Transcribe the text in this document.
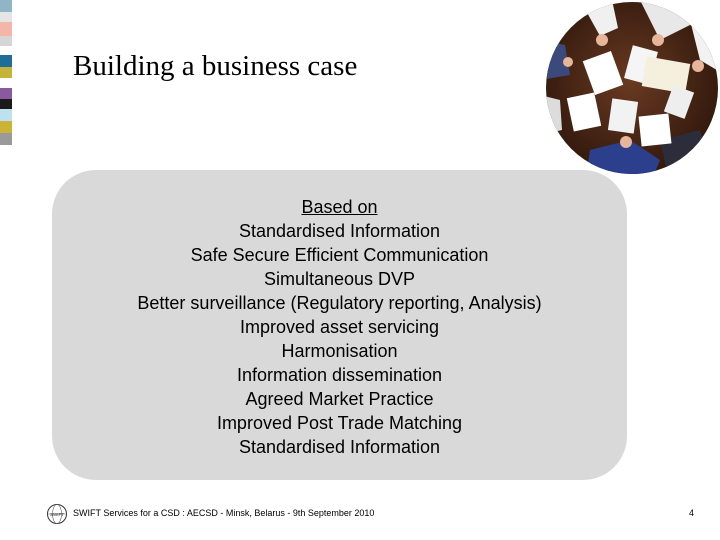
Building a business case
Based on
Standardised Information
Safe Secure Efficient Communication
Simultaneous DVP
Better surveillance (Regulatory reporting, Analysis)
Improved asset servicing
Harmonisation
Information dissemination
Agreed Market Practice
Improved Post Trade Matching
Standardised Information
SWIFT SWIFT Services for a CSD : AECSD - Minsk, Belarus - 9th September 2010	4
